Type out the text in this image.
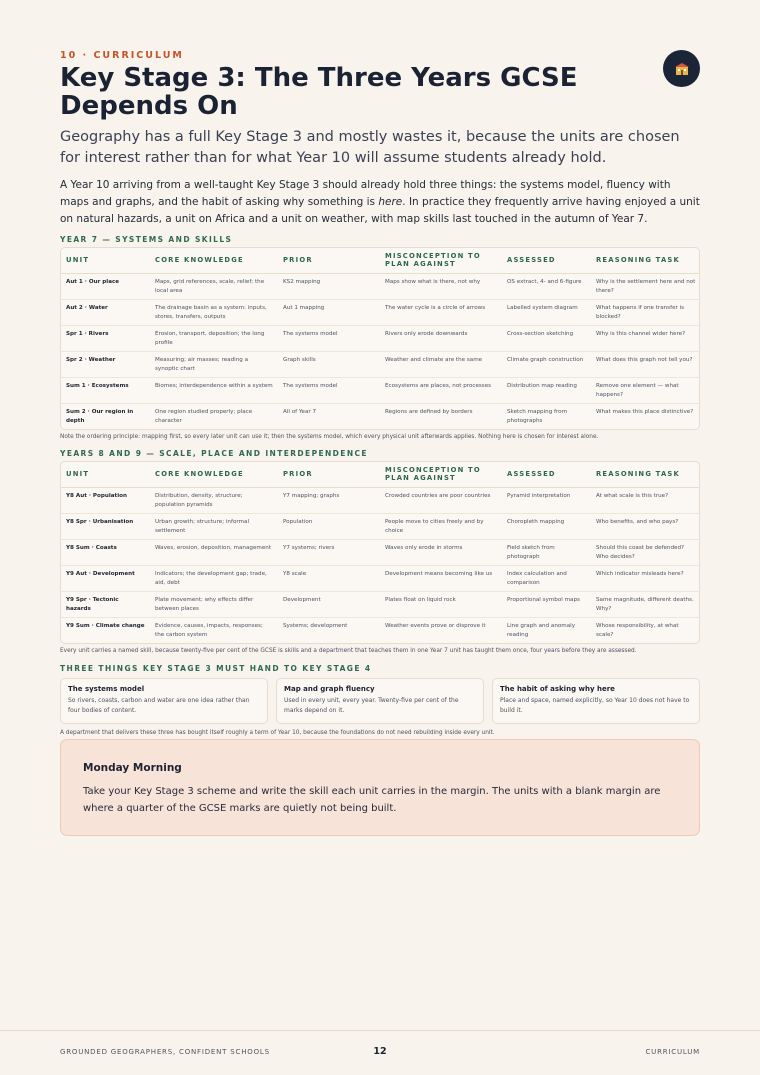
10 · CURRICULUM
Key Stage 3: The Three Years GCSE Depends On

Geography has a full Key Stage 3 and mostly wastes it, because the units are chosen for interest rather than for what Year 10 will assume students already hold.

A Year 10 arriving from a well-taught Key Stage 3 should already hold three things: the systems model, fluency with maps and graphs, and the habit of asking why something is here. In practice they frequently arrive having enjoyed a unit on natural hazards, a unit on Africa and a unit on weather, with map skills last touched in the autumn of Year 7.

YEAR 7 — SYSTEMS AND SKILLS
UNIT	CORE KNOWLEDGE	PRIOR	MISCONCEPTION TO PLAN AGAINST	ASSESSED	REASONING TASK
Aut 1 · Our place	Maps, grid references, scale, relief; the local area	KS2 mapping	Maps show what is there, not why	OS extract, 4- and 6-figure	Why is the settlement here and not there?
Aut 2 · Water	The drainage basin as a system: inputs, stores, transfers, outputs	Aut 1 mapping	The water cycle is a circle of arrows	Labelled system diagram	What happens if one transfer is blocked?
Spr 1 · Rivers	Erosion, transport, deposition; the long profile	The systems model	Rivers only erode downwards	Cross-section sketching	Why is this channel wider here?
Spr 2 · Weather	Measuring; air masses; reading a synoptic chart	Graph skills	Weather and climate are the same	Climate graph construction	What does this graph not tell you?
Sum 1 · Ecosystems	Biomes; interdependence within a system	The systems model	Ecosystems are places, not processes	Distribution map reading	Remove one element — what happens?
Sum 2 · Our region in depth	One region studied properly; place character	All of Year 7	Regions are defined by borders	Sketch mapping from photographs	What makes this place distinctive?
Note the ordering principle: mapping first, so every later unit can use it; then the systems model, which every physical unit afterwards applies. Nothing here is chosen for interest alone.
YEARS 8 AND 9 — SCALE, PLACE AND INTERDEPENDENCE
UNIT	CORE KNOWLEDGE	PRIOR	MISCONCEPTION TO PLAN AGAINST	ASSESSED	REASONING TASK
Y8 Aut · Population	Distribution, density, structure; population pyramids	Y7 mapping; graphs	Crowded countries are poor countries	Pyramid interpretation	At what scale is this true?
Y8 Spr · Urbanisation	Urban growth; structure; informal settlement	Population	People move to cities freely and by choice	Choropleth mapping	Who benefits, and who pays?
Y8 Sum · Coasts	Waves, erosion, deposition, management	Y7 systems; rivers	Waves only erode in storms	Field sketch from photograph	Should this coast be defended? Who decides?
Y9 Aut · Development	Indicators; the development gap; trade, aid, debt	Y8 scale	Development means becoming like us	Index calculation and comparison	Which indicator misleads here?
Y9 Spr · Tectonic hazards	Plate movement; why effects differ between places	Development	Plates float on liquid rock	Proportional symbol maps	Same magnitude, different deaths. Why?
Y9 Sum · Climate change	Evidence, causes, impacts, responses; the carbon system	Systems; development	Weather events prove or disprove it	Line graph and anomaly reading	Whose responsibility, at what scale?
Every unit carries a named skill, because twenty-five per cent of the GCSE is skills and a department that teaches them in one Year 7 unit has taught them once, four years before they are assessed.
THREE THINGS KEY STAGE 3 MUST HAND TO KEY STAGE 4
The systems model
So rivers, coasts, carbon and water are one idea rather than four bodies of content.
Map and graph fluency
Used in every unit, every year. Twenty-five per cent of the marks depend on it.
The habit of asking why here
Place and space, named explicitly, so Year 10 does not have to build it.
A department that delivers these three has bought itself roughly a term of Year 10, because the foundations do not need rebuilding inside every unit.
Monday Morning
Take your Key Stage 3 scheme and write the skill each unit carries in the margin. The units with a blank margin are where a quarter of the GCSE marks are quietly not being built.
GROUNDED GEOGRAPHERS, CONFIDENT SCHOOLS	12	CURRICULUM
